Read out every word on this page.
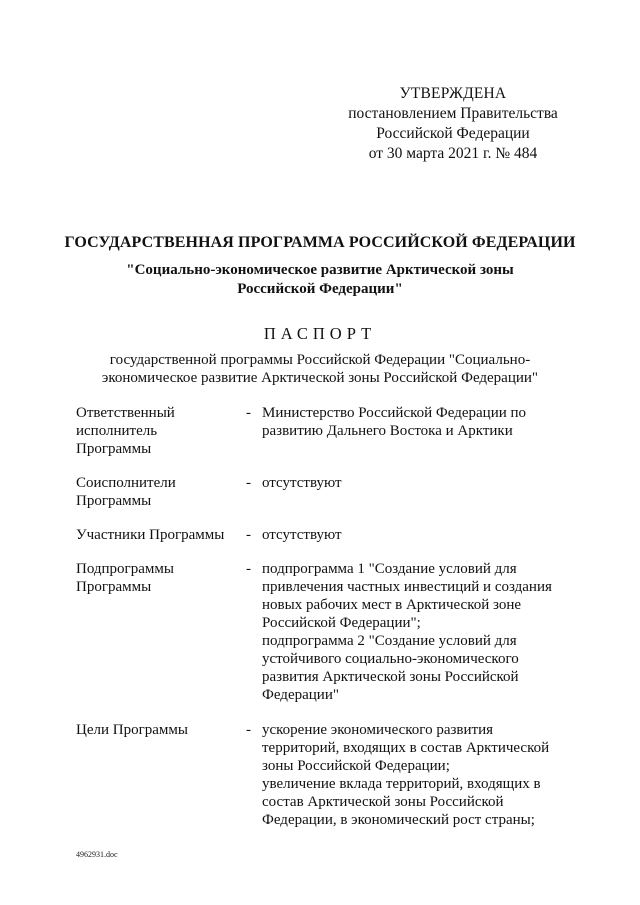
УТВЕРЖДЕНА
постановлением Правительства
Российской Федерации
от 30 марта 2021 г. № 484
ГОСУДАРСТВЕННАЯ ПРОГРАММА РОССИЙСКОЙ ФЕДЕРАЦИИ
"Социально-экономическое развитие Арктической зоны
Российской Федерации"
ПАСПОРТ
государственной программы Российской Федерации "Социально-
экономическое развитие Арктической зоны Российской Федерации"
Ответственный
исполнитель
Программы
- Министерство Российской Федерации по
развитию Дальнего Востока и Арктики
Соисполнители
Программы
- отсутствуют
Участники Программы	- отсутствуют
Подпрограммы
Программы
- подпрограмма 1 "Создание условий для
привлечения частных инвестиций и создания
новых рабочих мест в Арктической зоне
Российской Федерации";
подпрограмма 2 "Создание условий для
устойчивого социально-экономического
развития Арктической зоны Российской
Федерации"
Цели Программы	- ускорение экономического развития
территорий, входящих в состав Арктической
зоны Российской Федерации;
увеличение вклада территорий, входящих в
состав Арктической зоны Российской
Федерации, в экономический рост страны;
4962931.doc
